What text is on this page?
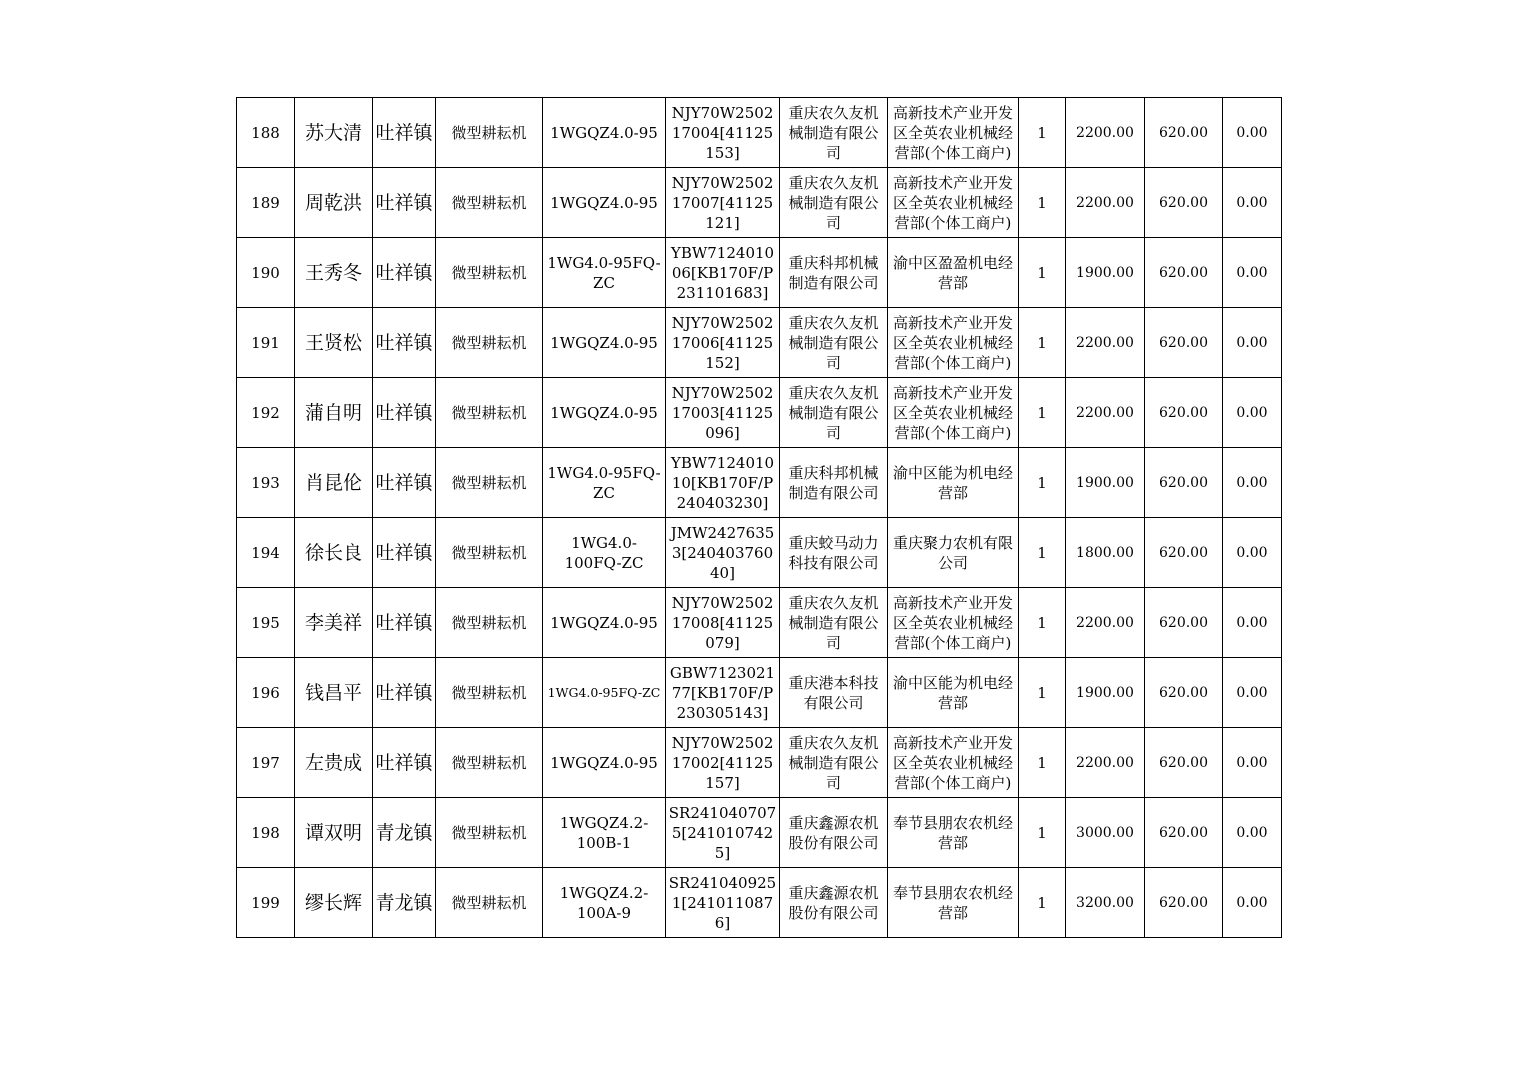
188	苏大清	吐祥镇	微型耕耘机	1WGQZ4.0-95	NJY70W250217004[41125153]	重庆农久友机械制造有限公司	高新技术产业开发区全英农业机械经营部(个体工商户)	1	2200.00	620.00	0.00
189	周乾洪	吐祥镇	微型耕耘机	1WGQZ4.0-95	NJY70W250217007[41125121]	重庆农久友机械制造有限公司	高新技术产业开发区全英农业机械经营部(个体工商户)	1	2200.00	620.00	0.00
190	王秀冬	吐祥镇	微型耕耘机	1WG4.0-95FQ-ZC	YBW712401006[KB170F/P231101683]	重庆科邦机械制造有限公司	渝中区盈盈机电经营部	1	1900.00	620.00	0.00
191	王贤松	吐祥镇	微型耕耘机	1WGQZ4.0-95	NJY70W250217006[41125152]	重庆农久友机械制造有限公司	高新技术产业开发区全英农业机械经营部(个体工商户)	1	2200.00	620.00	0.00
192	蒲自明	吐祥镇	微型耕耘机	1WGQZ4.0-95	NJY70W250217003[41125096]	重庆农久友机械制造有限公司	高新技术产业开发区全英农业机械经营部(个体工商户)	1	2200.00	620.00	0.00
193	肖昆伦	吐祥镇	微型耕耘机	1WG4.0-95FQ-ZC	YBW712401010[KB170F/P240403230]	重庆科邦机械制造有限公司	渝中区能为机电经营部	1	1900.00	620.00	0.00
194	徐长良	吐祥镇	微型耕耘机	1WG4.0-100FQ-ZC	JMW24276353[24040376040]	重庆蛟马动力科技有限公司	重庆聚力农机有限公司	1	1800.00	620.00	0.00
195	李美祥	吐祥镇	微型耕耘机	1WGQZ4.0-95	NJY70W250217008[41125079]	重庆农久友机械制造有限公司	高新技术产业开发区全英农业机械经营部(个体工商户)	1	2200.00	620.00	0.00
196	钱昌平	吐祥镇	微型耕耘机	1WG4.0-95FQ-ZC	GBW712302177[KB170F/P230305143]	重庆港本科技有限公司	渝中区能为机电经营部	1	1900.00	620.00	0.00
197	左贵成	吐祥镇	微型耕耘机	1WGQZ4.0-95	NJY70W250217002[41125157]	重庆农久友机械制造有限公司	高新技术产业开发区全英农业机械经营部(个体工商户)	1	2200.00	620.00	0.00
198	谭双明	青龙镇	微型耕耘机	1WGQZ4.2-100B-1	SR2410407075[2410107425]	重庆鑫源农机股份有限公司	奉节县朋农农机经营部	1	3000.00	620.00	0.00
199	缪长辉	青龙镇	微型耕耘机	1WGQZ4.2-100A-9	SR2410409251[2410110876]	重庆鑫源农机股份有限公司	奉节县朋农农机经营部	1	3200.00	620.00	0.00
